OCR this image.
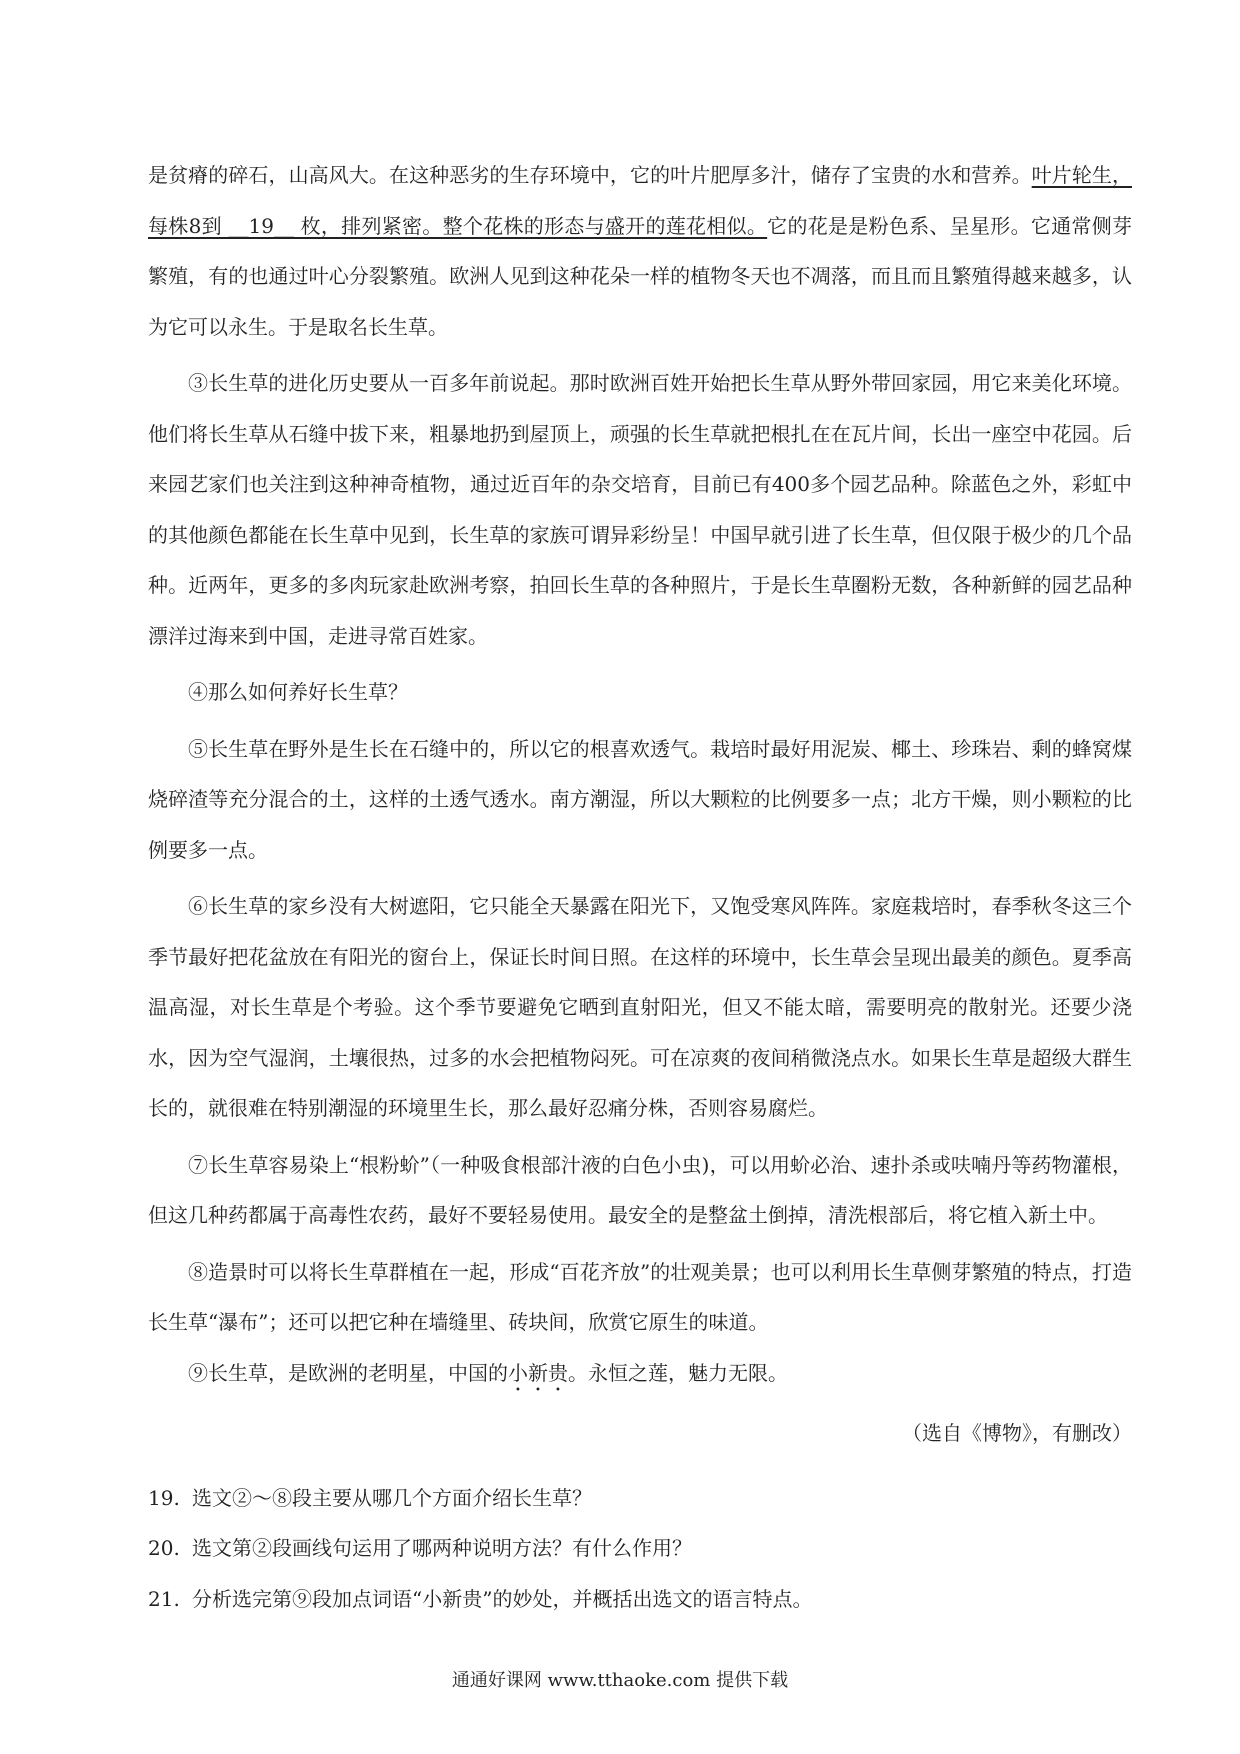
是贫瘠的碎石，山高风大。在这种恶劣的生存环境中，它的叶片肥厚多汁，储存了宝贵的水和营养。叶片轮生，每株8到 __19__ 枚，排列紧密。整个花株的形态与盛开的莲花相似。它的花是是粉色系、呈星形。它通常侧芽繁殖，有的也通过叶心分裂繁殖。欧洲人见到这种花朵一样的植物冬天也不凋落，而且而且繁殖得越来越多，认为它可以永生。于是取名长生草。

③长生草的进化历史要从一百多年前说起。那时欧洲百姓开始把长生草从野外带回家园，用它来美化环境。他们将长生草从石缝中拔下来，粗暴地扔到屋顶上，顽强的长生草就把根扎在在瓦片间，长出一座空中花园。后来园艺家们也关注到这种神奇植物，通过近百年的杂交培育，目前已有400多个园艺品种。除蓝色之外，彩虹中的其他颜色都能在长生草中见到，长生草的家族可谓异彩纷呈！中国早就引进了长生草，但仅限于极少的几个品种。近两年，更多的多肉玩家赴欧洲考察，拍回长生草的各种照片，于是长生草圈粉无数，各种新鲜的园艺品种漂洋过海来到中国，走进寻常百姓家。

④那么如何养好长生草？

⑤长生草在野外是生长在石缝中的，所以它的根喜欢透气。栽培时最好用泥炭、椰土、珍珠岩、剩的蜂窝煤烧碎渣等充分混合的土，这样的土透气透水。南方潮湿，所以大颗粒的比例要多一点；北方干燥，则小颗粒的比例要多一点。

⑥长生草的家乡没有大树遮阳，它只能全天暴露在阳光下，又饱受寒风阵阵。家庭栽培时，春季秋冬这三个季节最好把花盆放在有阳光的窗台上，保证长时间日照。在这样的环境中，长生草会呈现出最美的颜色。夏季高温高湿，对长生草是个考验。这个季节要避免它晒到直射阳光，但又不能太暗，需要明亮的散射光。还要少浇水，因为空气湿润，土壤很热，过多的水会把植物闷死。可在凉爽的夜间稍微浇点水。如果长生草是超级大群生长的，就很难在特别潮湿的环境里生长，那么最好忍痛分株，否则容易腐烂。

⑦长生草容易染上“根粉蚧”（一种吸食根部汁液的白色小虫)，可以用蚧必治、速扑杀或呋喃丹等药物灌根，但这几种药都属于高毒性农药，最好不要轻易使用。最安全的是整盆土倒掉，清洗根部后，将它植入新土中。

⑧造景时可以将长生草群植在一起，形成“百花齐放”的壮观美景；也可以利用长生草侧芽繁殖的特点，打造长生草“瀑布”；还可以把它种在墙缝里、砖块间，欣赏它原生的味道。

⑨长生草，是欧洲的老明星，中国的小新贵。永恒之莲，魅力无限。

（选自《博物》，有删改）

19. 选文②～⑧段主要从哪几个方面介绍长生草？

20. 选文第②段画线句运用了哪两种说明方法？有什么作用？

21. 分析选完第⑨段加点词语“小新贵”的妙处，并概括出选文的语言特点。

通通好课网 www.tthaoke.com 提供下载
